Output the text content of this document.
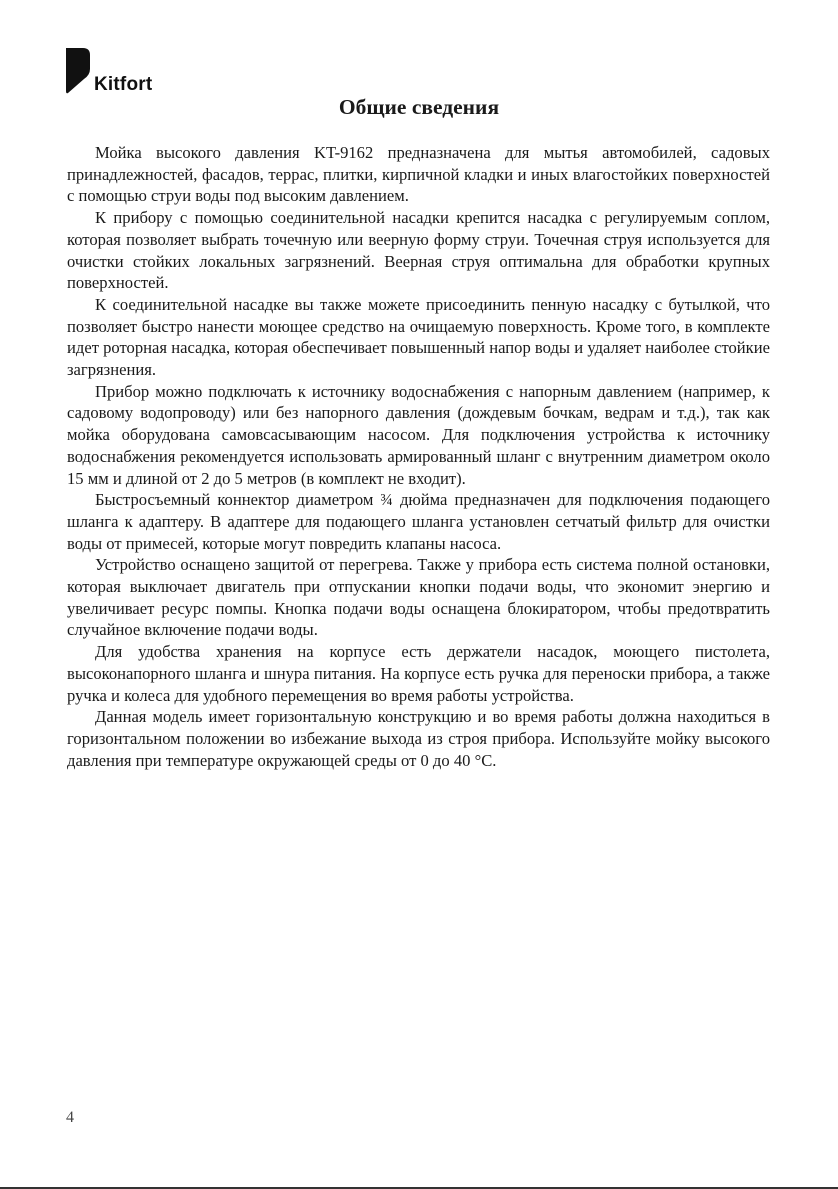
Kitfort
Общие сведения

Мойка высокого давления KT-9162 предназначена для мытья автомобилей, садовых принадлежностей, фасадов, террас, плитки, кирпичной кладки и иных влагостойких поверхностей с помощью струи воды под высоким давлением.

К прибору с помощью соединительной насадки крепится насадка с регулируемым соплом, которая позволяет выбрать точечную или веерную форму струи. Точечная струя используется для очистки стойких локальных загрязнений. Веерная струя оптимальна для обработки крупных поверхностей.

К соединительной насадке вы также можете присоединить пенную насадку с бутылкой, что позволяет быстро нанести моющее средство на очищаемую поверхность. Кроме того, в комплекте идет роторная насадка, которая обеспечивает повышенный напор воды и удаляет наиболее стойкие загрязнения.

Прибор можно подключать к источнику водоснабжения с напорным давлением (например, к садовому водопроводу) или без напорного давления (дождевым бочкам, ведрам и т.д.), так как мойка оборудована самовсасывающим насосом. Для подключения устройства к источнику водоснабжения рекомендуется использовать армированный шланг с внутренним диаметром около 15 мм и длиной от 2 до 5 метров (в комплект не входит).

Быстросъемный коннектор диаметром ¾ дюйма предназначен для подключения подающего шланга к адаптеру. В адаптере для подающего шланга установлен сетчатый фильтр для очистки воды от примесей, которые могут повредить клапаны насоса.

Устройство оснащено защитой от перегрева. Также у прибора есть система полной остановки, которая выключает двигатель при отпускании кнопки подачи воды, что экономит энергию и увеличивает ресурс помпы. Кнопка подачи воды оснащена блокиратором, чтобы предотвратить случайное включение подачи воды.

Для удобства хранения на корпусе есть держатели насадок, моющего пистолета, высоконапорного шланга и шнура питания. На корпусе есть ручка для переноски прибора, а также ручка и колеса для удобного перемещения во время работы устройства.

Данная модель имеет горизонтальную конструкцию и во время работы должна находиться в горизонтальном положении во избежание выхода из строя прибора. Используйте мойку высокого давления при температуре окружающей среды от 0 до 40 °C.

4
